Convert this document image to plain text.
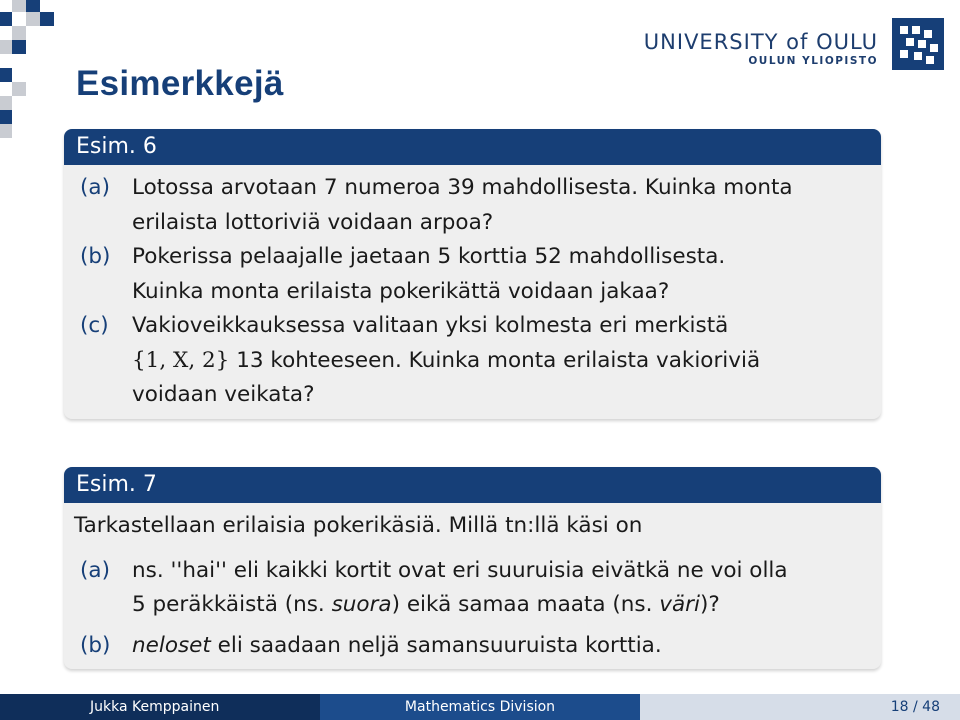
UNIVERSITY of OULU
OULUN YLIOPISTO
Esimerkkejä
Esim. 6
(a)	Lotossa arvotaan 7 numeroa 39 mahdollisesta. Kuinka monta
erilaista lottoriviä voidaan arpoa?
(b)	Pokerissa pelaajalle jaetaan 5 korttia 52 mahdollisesta.
Kuinka monta erilaista pokerikättä voidaan jakaa?
(c)	Vakioveikkauksessa valitaan yksi kolmesta eri merkistä
{1, X, 2} 13 kohteeseen. Kuinka monta erilaista vakioriviä
voidaan veikata?
Esim. 7
Tarkastellaan erilaisia pokerikäsiä. Millä tn:llä käsi on
(a)	ns. ''hai'' eli kaikki kortit ovat eri suuruisia eivätkä ne voi olla
5 peräkkäistä (ns. suora) eikä samaa maata (ns. väri)?
(b)	neloset eli saadaan neljä samansuuruista korttia.
Jukka Kemppainen	Mathematics Division	18 / 48
